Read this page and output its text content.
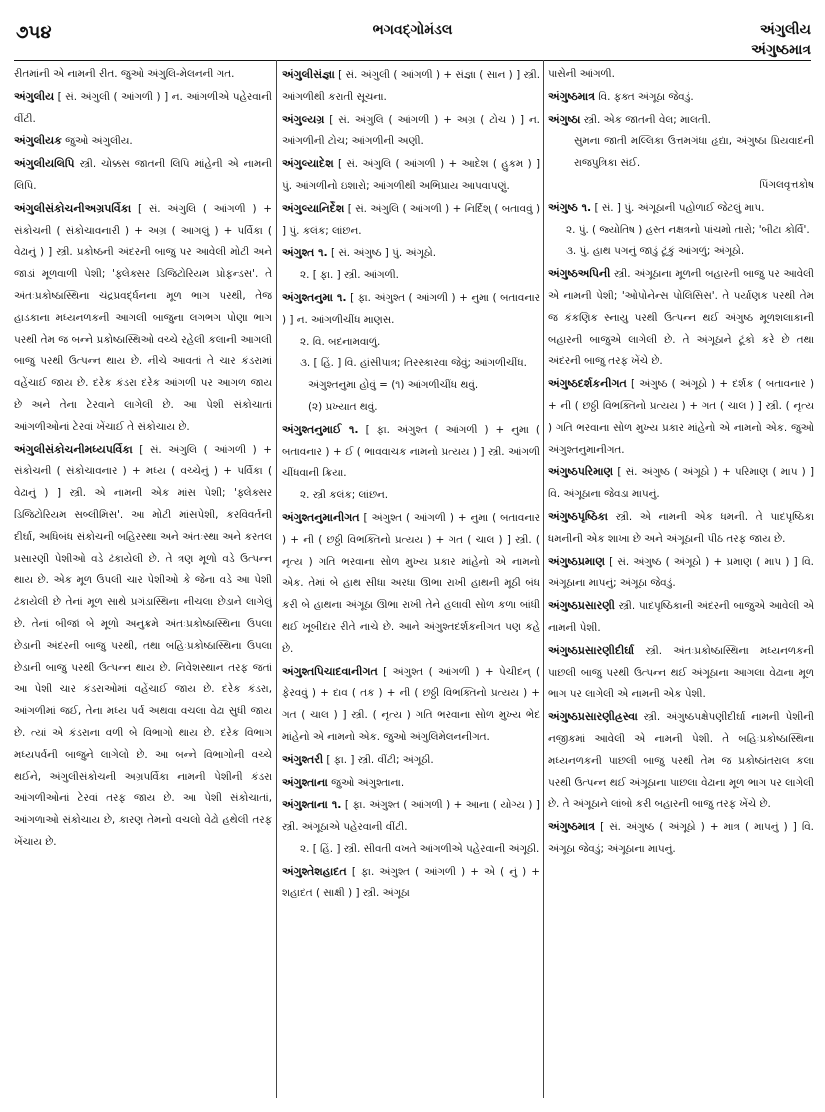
૭૫૪	ભગવદ્ગોમંડલ	અંગુલીય
અંગુષ્ઠમાત્ર

રીતમાંની એ નામની રીત. જુઓ અંગુલિ-મેલનની ગત.

અંગુલીય [ સં. અંગુલી ( આંગળી ) ] ન. આંગળીએ પહેરવાની વીંટી.

અંગુલીયક જુઓ અંગુલીય.

અંગુલીયલિપિ સ્ત્રી. ચોક્કસ જાતની લિપિ માંહેની એ નામની લિપિ.

અંગુલીસંકોચનીઅગ્રપર્વિકા [ સં. અંગુલિ ( આંગળી ) + સંકોચની ( સંકોચાવનારી ) + અગ્ર ( આગલું ) + પર્વિકા ( વેઢાનું ) ] સ્ત્રી. પ્રકોષ્ઠની અંદરની બાજુ પર આવેલી મોટી અને જાડાં મૂળવાળી પેશી; 'ફ્લેક્સર ડિજિટોરિયમ પ્રોફન્ડસ'. તે અંતઃપ્રકોષ્ઠાસ્થિના ચંદ્રપ્રવર્દ્ધનના મૂળ ભાગ પરથી, તેજ હાડકાના મધ્યનળકની આગલી બાજુના લગભગ પોણા ભાગ પરથી તેમ જ બન્ને પ્રકોષ્ઠાસ્થિઓ વચ્ચે રહેલી કલાની આગલી બાજુ પરથી ઉત્પન્ન થાય છે. નીચે આવતાં તે ચાર કંડરામાં વહેંચાઈ જાય છે. દરેક કંડરા દરેક આંગળી પર આગળ જાય છે અને તેના ટેરવાને લાગેલી છે. આ પેશી સંકોચાતાં આંગળીઓનાં ટેરવાં ખેંચાઈ તે સંકોચાય છે.

અંગુલીસંકોચનીમધ્યપર્વિકા [ સં. અંગુલિ ( આંગળી ) + સંકોચની ( સંકોચાવનાર ) + મધ્ય ( વચ્ચેનું ) + પર્વિકા ( વેઢાનું ) ] સ્ત્રી. એ નામની એક માંસ પેશી; 'ફ્લેક્સર ડિજિટોરિયમ સબ્લીમિસ'. આ મોટી માંસપેશી, કરવિવર્તની દીર્ઘા, અધિબંધ સંકોચની બહિરસ્થા અને અંતઃસ્થા અને કરતલ પ્રસારણી પેશીઓ વડે ઢંકાયેલી છે. તે ત્રણ મૂળો વડે ઉત્પન્ન થાય છે. એક મૂળ ઉપલી ચાર પેશીઓ કે જેના વડે આ પેશી ઢંકાયેલી છે તેનાં મૂળ સાથે પ્રગંડાસ્થિના નીચલા છેડાને લાગેલું છે. તેનાં બીજાં બે મૂળો અનુક્રમે અંતઃપ્રકોષ્ઠાસ્થિના ઉપલા છેડાની અંદરની બાજુ પરથી, તથા બહિઃપ્રકોષ્ઠાસ્થિના ઉપલા છેડાની બાજુ પરથી ઉત્પન્ન થાય છે. નિવેશસ્થાન તરફ જતાં આ પેશી ચાર કંડરાઓમાં વહેંચાઈ જાય છે. દરેક કંડરા, આંગળીમાં જઈ, તેના મધ્ય પર્વ અથવા વચલા વેઢા સુધી જાય છે. ત્યાં એ કંડરાના વળી બે વિભાગો થાય છે. દરેક વિભાગ મધ્યપર્વની બાજુને લાગેલો છે. આ બન્ને વિભાગોની વચ્ચે થઈને, અંગુલીસંકોચની અગ્રપર્વિકા નામની પેશીની કંડરા આંગળીઓનાં ટેરવાં તરફ જાય છે. આ પેશી સંકોચાતાં, આંગળાઓ સંકોચાય છે, કારણ તેમનો વચલો વેઢો હથેલી તરફ ખેંચાય છે.

અંગુલીસંજ્ઞા [ સં. અંગુલી ( આંગળી ) + સંજ્ઞા ( સાન ) ] સ્ત્રી. આંગળીથી કરાતી સૂચના.

અંગુલ્યગ્ર [ સં. અંગુલિ ( આંગળી ) + અગ્ર ( ટોચ ) ] ન. આંગળીની ટોચ; આંગળીની અણી.

અંગુલ્યાદેશ [ સં. અંગુલિ ( આંગળી ) + આદેશ ( હુકમ ) ] પું. આંગળીનો ઇશારો; આંગળીથી અભિપ્રાય આપવાપણું.

અંગુલ્યાનિર્દેશ [ સં. અંગુલિ ( આંગળી ) + નિર્દિશ્ ( બતાવવું ) ] પું. કલંક; લાંછન.

અંગુશ્ત ૧. [ સં. અંગુષ્ઠ ] પું. અંગૂઠો.

૨. [ ફા. ] સ્ત્રી. આંગળી.

અંગુશ્તનુમા ૧. [ ફા. અંગુશ્ત ( આંગળી ) + નુમા ( બતાવનાર ) ] ન. આંગળીચીંધ માણસ.

૨. વિ. બદનામવાળું.

૩. [ હિં. ] વિ. હાંસીપાત્ર; તિરસ્કારવા જેવું; આંગળીચીંધ.

અંગુશ્તનુમા હોવું = (૧) આંગળીચીંધ થવું.

(૨) પ્રખ્યાત થવું.

અંગુશ્તનુમાઈ ૧. [ ફા. અંગુશ્ત ( આંગળી ) + નુમા ( બતાવનાર ) + ઈ ( ભાવવાચક નામનો પ્રત્યય ) ] સ્ત્રી. આંગળી ચીંધવાની ક્રિયા.

૨. સ્ત્રી કલંક; લાંછન.

અંગુશ્તનુમાનીગત [ અંગુશ્ત ( આંગળી ) + નુમા ( બતાવનાર ) + ની ( છઠ્ઠી વિભક્તિનો પ્રત્યય ) + ગત ( ચાલ ) ] સ્ત્રી. ( નૃત્ય ) ગતિ ભરવાના સોળ મુખ્ય પ્રકાર માંહેનો એ નામનો એક. તેમાં બે હાથ સીધા અરધા ઊભા રાખી હાથની મૂઠી બંધ કરી બે હાથના અંગૂઠા ઊભા રાખી તેને હલાવી સોળ કળા બાંધી થઈ ખૂબીદાર રીતે નાચે છે. આને અંગુશ્તદર્શકનીગત પણ કહે છે.

અંગુશ્તપિચાદવાનીગત [ અંગુશ્ત ( આંગળી ) + પેચીદન્ ( ફેરવવું ) + દાવ ( તક ) + ની ( છઠ્ઠી વિભક્તિનો પ્રત્યય ) + ગત ( ચાલ ) ] સ્ત્રી. ( નૃત્ય ) ગતિ ભરવાના સોળ મુખ્ય ભેદ માંહેનો એ નામનો એક. જુઓ અંગુલિમેલનનીગત.

અંગુશ્તરી [ ફા. ] સ્ત્રી. વીંટી; અંગૂઠી.

અંગુશ્તાના જુઓ અંગુશ્તાના.

અંગુશ્તાના ૧. [ ફા. અંગુશ્ત ( આંગળી ) + આના ( યોગ્ય ) ] સ્ત્રી. અંગૂઠાએ પહેરવાની વીંટી.

૨. [ હિં. ] સ્ત્રી. સીવતી વખતે આંગળીએ પહેરવાની અંગૂઠી.

અંગુશ્તેશહાદત [ ફા. અંગુશ્ત ( આંગળી ) + એ ( નું ) + શહાદત ( સાક્ષી ) ] સ્ત્રી. અંગૂઠા

પાસેની આંગળી.

અંગુષ્ઠમાત્ર વિ. ફક્ત અંગૂઠા જેવડું.

અંગુષ્ઠા સ્ત્રી. એક જાતની વેલ; માલતી.

સુમના જાતી મલ્લિકા ઉત્તમગંધા હૃદ્યા, અંગુષ્ઠા પ્રિયવાદની રાજપુત્રિકા સંઈ.

પિંગલવૃત્તકોષ

અંગુષ્ઠ ૧. [ સં. ] પું. અંગૂઠાની પહોળાઈ જેટલું માપ.

૨. પું. ( જ્યોતિષ ) હસ્ત નક્ષત્રનો પાંચમો તારો; 'બીટા કોર્વિ'.

૩. પું. હાથ પગનું જાડું ટૂંકું આંગળું; અંગૂઠો.

અંગુષ્ઠઅપિની સ્ત્રી. અંગૂઠાના મૂળની બહારની બાજુ પર આવેલી એ નામની પેશી; 'ઓપોનેન્સ પોલિસિસ'. તે પર્યાણક પરથી તેમ જ કંકણિક સ્નાયુ પરથી ઉત્પન્ન થઈ અંગુષ્ઠ મૂળશલાકાની બહારની બાજુએ લાગેલી છે. તે અંગૂઠાને ટૂંકો કરે છે તથા અંદરની બાજુ તરફ ખેંચે છે.

અંગુષ્ઠદર્શકનીગત [ અંગુષ્ઠ ( અંગૂઠો ) + દર્શક ( બતાવનાર ) + ની ( છઠ્ઠી વિભક્તિનો પ્રત્યય ) + ગત ( ચાલ ) ] સ્ત્રી. ( નૃત્ય ) ગતિ ભરવાના સોળ મુખ્ય પ્રકાર માંહેનો એ નામનો એક. જુઓ અંગુશ્તનુમાનીગત.

અંગુષ્ઠપરિમાણ [ સં. અંગુષ્ઠ ( અંગૂઠો ) + પરિમાણ ( માપ ) ] વિ. અંગૂઠાના જેવડા માપનું.

અંગુષ્ઠપૃષ્ઠિકા સ્ત્રી. એ નામની એક ધમની. તે પાદપૃષ્ઠિકા ધમનીની એક શાખા છે અને અંગૂઠાની પીઠ તરફ જાય છે.

અંગુષ્ઠપ્રમાણ [ સં. અંગુષ્ઠ ( અંગૂઠો ) + પ્રમાણ ( માપ ) ] વિ. અંગૂઠાના માપનું; અંગૂઠા જેવડું.

અંગુષ્ઠપ્રસારણી સ્ત્રી. પાદપૃષ્ઠિકાની અંદરની બાજુએ આવેલી એ નામની પેશી.

અંગુષ્ઠપ્રસારણીદીર્ઘા સ્ત્રી. અંતઃપ્રકોષ્ઠાસ્થિના મધ્યનળકની પાછલી બાજુ પરથી ઉત્પન્ન થઈ અંગૂઠાના આગલા વેઢાના મૂળ ભાગ પર લાગેલી એ નામની એક પેશી.

અંગુષ્ઠપ્રસારણીહ્રસ્વા સ્ત્રી. અંગુષ્ઠપક્ષેપણીદીર્ઘા નામની પેશીની નજીકમાં આવેલી એ નામની પેશી. તે બહિઃપ્રકોષ્ઠાસ્થિના મધ્યનળકની પાછલી બાજુ પરથી તેમ જ પ્રકોષ્ઠાંતરાલ કલા પરથી ઉત્પન્ન થઈ અંગૂઠાના પાછલા વેઢાના મૂળ ભાગ પર લાગેલી છે. તે અંગૂઠાને લાંબો કરી બહારની બાજુ તરફ ખેંચે છે.

અંગુષ્ઠમાત્ર [ સં. અંગુષ્ઠ ( અંગૂઠો ) + માત્ર ( માપનું ) ] વિ. અંગૂઠા જેવડું; અંગૂઠાના માપનું.
